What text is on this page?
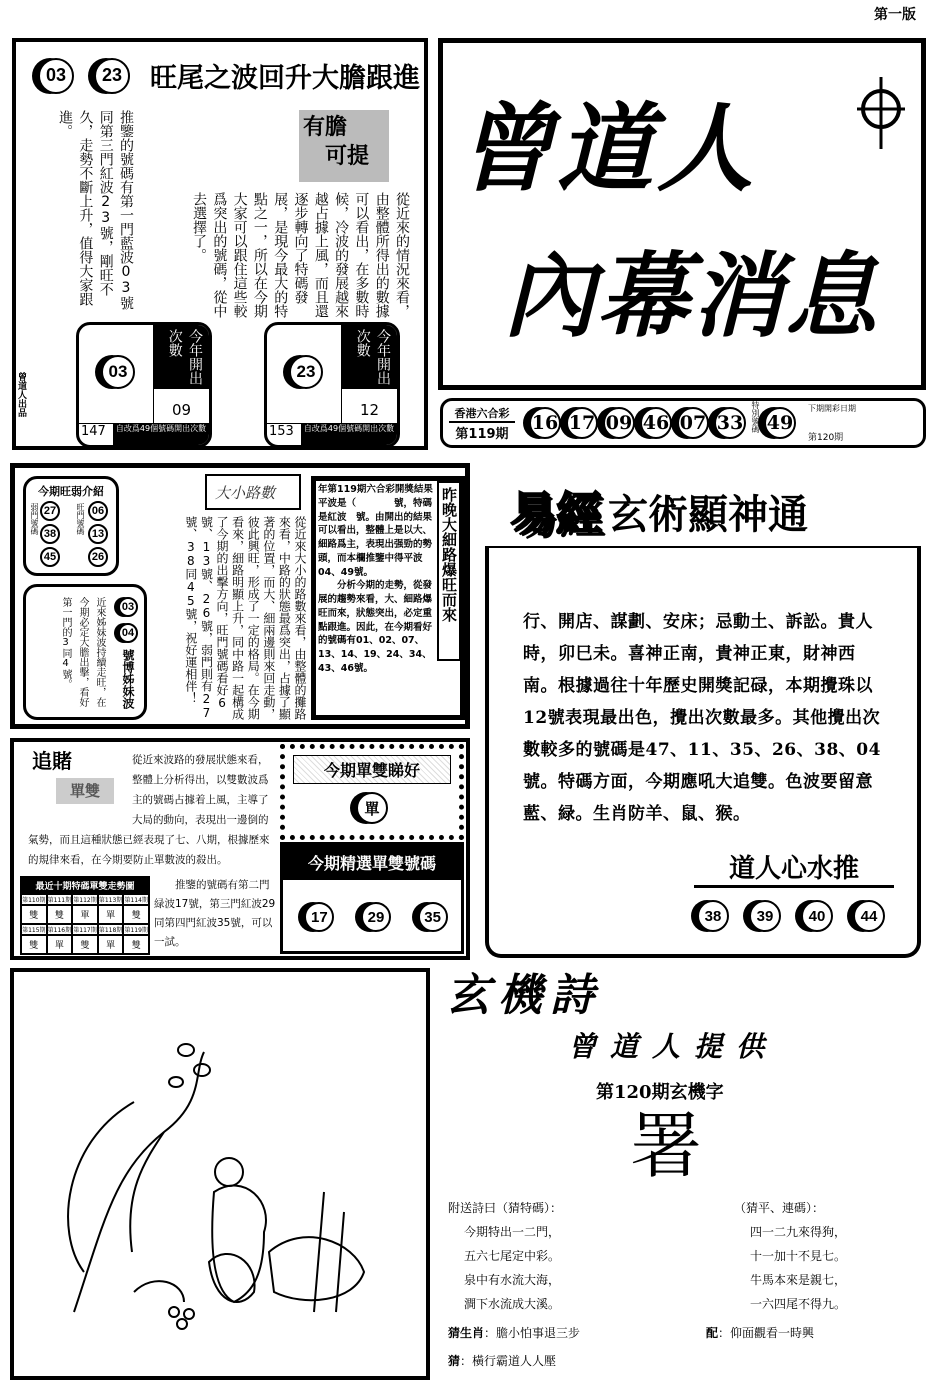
第一版
03	23 旺尾之波回升大膽跟進
有膽
可提
從近來的情況來看，由整體所得出的數據可以看出，在多數時候，冷波的發展越來越占據上風，而且還逐步轉向了特碼發展，是現今最大的特點之一，所以在今期大家可以跟住這些較爲突出的號碼，從中去選擇了。
推鑒的號碼有第一門藍波03號同第三門紅波23號，剛旺不久，走勢不斷上升，值得大家跟進。
曾道人出品
03	今年開出次數
09
147	自改爲49個號碼開出次數
23	今年開出次數
12
153	自改爲49個號碼開出次數
曾道人
內幕消息
香港六合彩
第119期	16 17 09 46 07 33 特別號碼 49
下期開彩日期
第120期
今期旺弱介紹
弱門號碼 27
38
45
旺門號碼 06
13
26
近來姊妹波持續走旺，在今期必定大膽出擊，看好第一門的3同4號。	03
04
號博姊妹波
大小路數
從近來大小的路數來看，由整體的攤路來看，中路的狀態最爲突出，占據了顯著的位置，而大、細兩邊則來回走動，彼此興旺，形成了一定的格局。在今期看來，細路明顯上升，同中路一起構成了今期的出擊方向，旺門號碼看好6號、13號、26號，弱門則有27號、38同45號，祝好運相伴！

年第119期六合彩開獎結果平波是（　　　　號，特碼是紅波　號。由開出的結果可以看出，整體上是以大、細路爲主，表現出强勁的勢頭，而本欄推鑒中得平波04、49號。

分析今期的走勢，從發展的趨勢來看，大、細路爆旺而來，狀態突出，必定重點跟進。因此，在今期看好的號碼有01、02、07、13、14、19、24、34、43、46號。

昨晚大細路爆旺而來 易經 玄術顯神通

行、開店、謀劃、安床；忌動土、訴訟。貴人時，卯巳未。喜神正南，貴神正東，財神西南。根據過往十年歷史開獎記碌，本期攪珠以12號表現最出色，攪出次數最多。其他攪出次數較多的號碼是47、11、35、26、38、04號。特碼方面，今期應吼大追雙。色波要留意藍、緑。生肖防羊、鼠、猴。

道人心水推
38	39	40	44
追賭
單雙

從近來波路的發展狀態來看，整體上分析得出，以雙數波爲主的號碼占據着上風，主導了大局的動向，表現出一邊倒的氣勢，而且這種狀態已經表現了七、八期，根據歷來的規律來看，在今期要防止單數波的殺出。

推鑒的號碼有第二門緑波17號，第三門紅波29同第四門紅波35號，可以一試。

最近十期特碼單雙走勢圖
第110期 第111期 第112期 第113期 第114期
雙	雙	單	單	雙
第115期 第116期 第117期 第118期 第119期
雙	單	雙	單	雙
今期單雙睇好
單
今期精選單雙號碼
17	29	35
玄機詩
曾道人提供
第120期玄機字
署
附送詩曰（猜特碼）：
今期特出一二門，
五六七尾定中彩。
泉中有水流大海，
澗下水流成大溪。
（猜平、連碼）：
四一二九來得狗，
十一加十不見七。
牛馬本來是親七，
一六四尾不得九。
猜生肖：膽小怕事退三步	配：仰面觀看一時興
猜：橫行霸道人人壓
